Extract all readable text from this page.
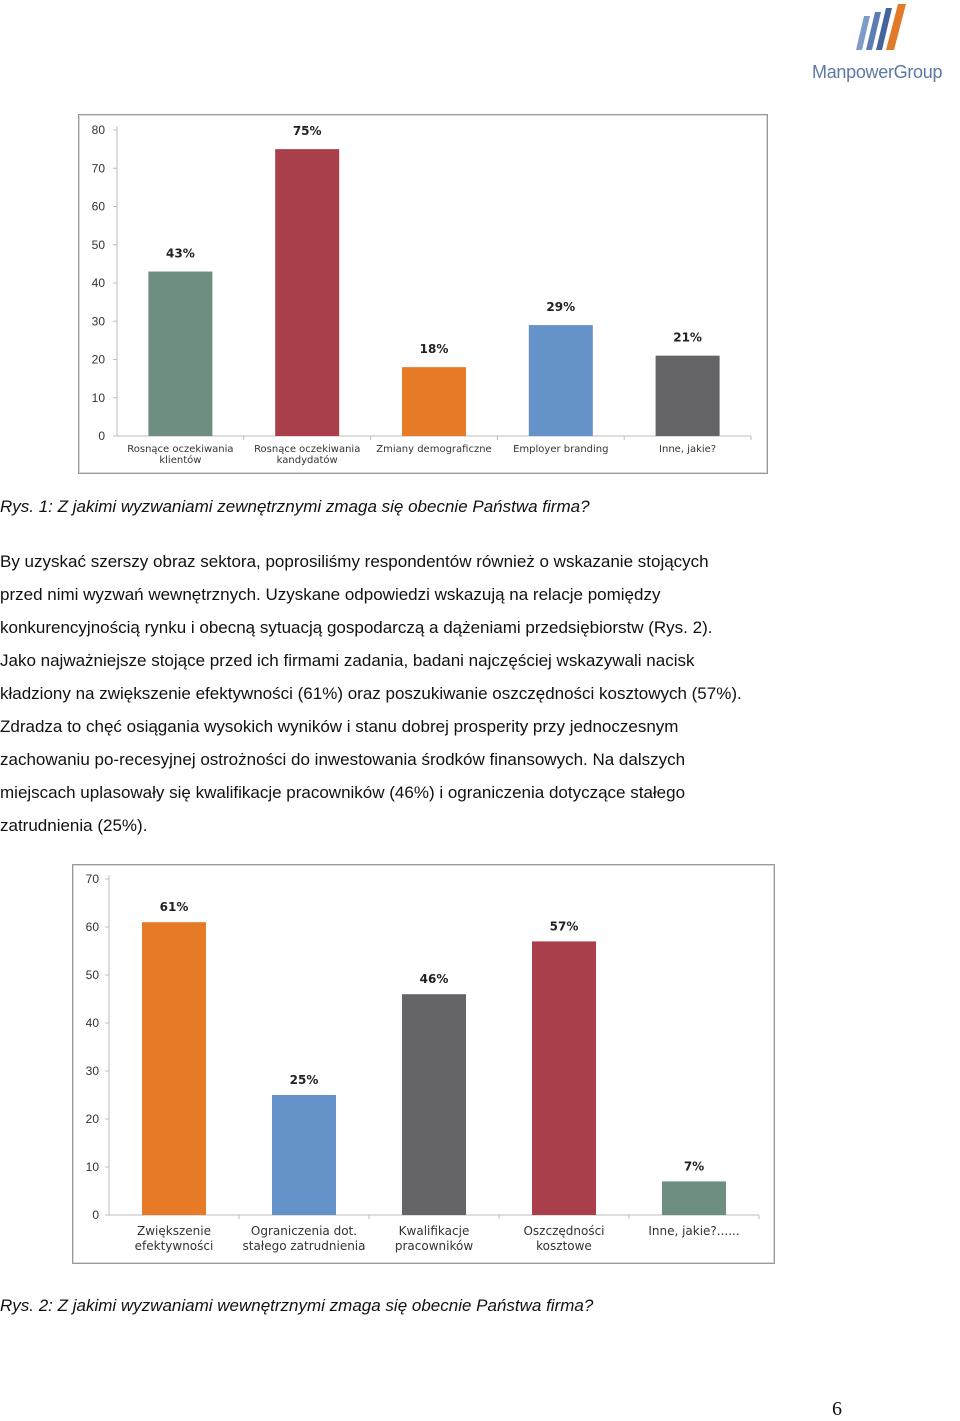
ManpowerGroup
0
10
20
30
40
50
60
70
80
43%
Rosnące oczekiwania
klientów
75%
Rosnące oczekiwania
kandydatów
18%
Zmiany demograficzne
29%
Employer branding
21%
Inne, jakie?
Rys. 1: Z jakimi wyzwaniami zewnętrznymi zmaga się obecnie Państwa firma?

By uzyskać szerszy obraz sektora, poprosiliśmy respondentów również o wskazanie stojących
przed nimi wyzwań wewnętrznych. Uzyskane odpowiedzi wskazują na relacje pomiędzy
konkurencyjnością rynku i obecną sytuacją gospodarczą a dążeniami przedsiębiorstw (Rys. 2).
Jako najważniejsze stojące przed ich firmami zadania, badani najczęściej wskazywali nacisk
kładziony na zwiększenie efektywności (61%) oraz poszukiwanie oszczędności kosztowych (57%).
Zdradza to chęć osiągania wysokich wyników i stanu dobrej prosperity przy jednoczesnym
zachowaniu po-recesyjnej ostrożności do inwestowania środków finansowych. Na dalszych
miejscach uplasowały się kwalifikacje pracowników (46%) i ograniczenia dotyczące stałego
zatrudnienia (25%).

0
10
20
30
40
50
60
70
61%
Zwiększenie
efektywności
25%
Ograniczenia dot.
stałego zatrudnienia
46%
Kwalifikacje
pracowników
57%
Oszczędności
kosztowe
7%
Inne, jakie?......
Rys. 2: Z jakimi wyzwaniami wewnętrznymi zmaga się obecnie Państwa firma?
6
